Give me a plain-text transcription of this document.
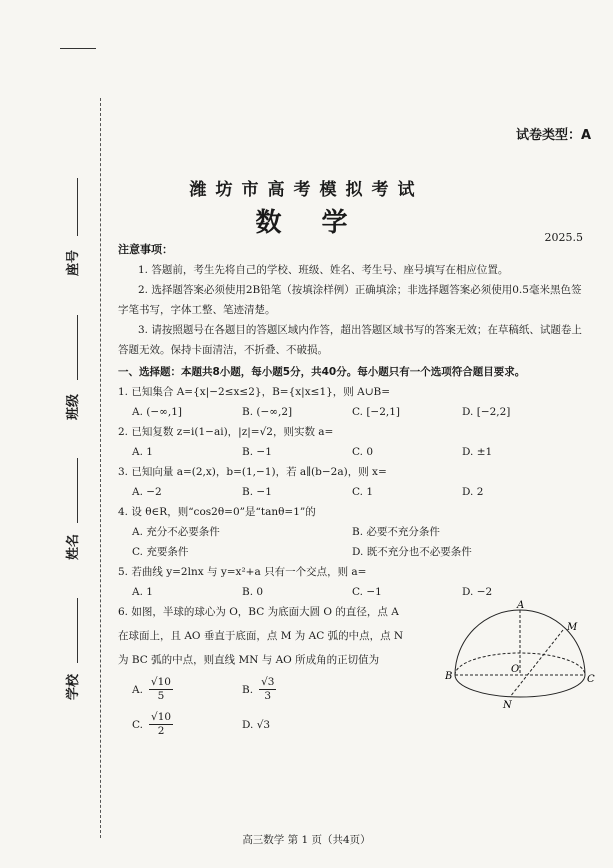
座号
班级
姓名
学校
试卷类型：A
潍坊市高考模拟考试
数学	2025.5
注意事项：

1. 答题前，考生先将自己的学校、班级、姓名、考生号、座号填写在相应位置。

2. 选择题答案必须使用2B铅笔（按填涂样例）正确填涂；非选择题答案必须使用0.5毫米黑色签字笔书写，字体工整、笔迹清楚。

3. 请按照题号在各题目的答题区域内作答，超出答题区域书写的答案无效；在草稿纸、试题卷上答题无效。保持卡面清洁，不折叠、不破损。

一、选择题：本题共8小题，每小题5分，共40分。每小题只有一个选项符合题目要求。

1. 已知集合 A={x|−2≤x≤2}，B={x|x≤1}，则 A∪B=

A. (−∞,1]	B. (−∞,2]	C. [−2,1]	D. [−2,2]

2. 已知复数 z=i(1−ai)，|z|=√2，则实数 a=

A. 1	B. −1	C. 0	D. ±1

3. 已知向量 a=(2,x)，b=(1,−1)，若 a∥(b−2a)，则 x=

A. −2	B. −1	C. 1	D. 2

4. 设 θ∈R，则“cos2θ=0”是“tanθ=1”的

A. 充分不必要条件	B. 必要不充分条件
C. 充要条件	D. 既不充分也不必要条件

5. 若曲线 y=2lnx 与 y=x²+a 只有一个交点，则 a=

A. 1	B. 0	C. −1	D. −2

6. 如图，半球的球心为 O，BC 为底面大圆 O 的直径，点 A

在球面上，且 AO 垂直于底面，点 M 为 AC 弧的中点，点 N

为 BC 弧的中点，则直线 MN 与 AO 所成角的正切值为

A. $\frac{√10}{5}$	B. $\frac{√3}{3}$
C. $\frac{√10}{2}$	D. √3
A
M
B
O
C
N
高三数学 第 1 页（共4页）
